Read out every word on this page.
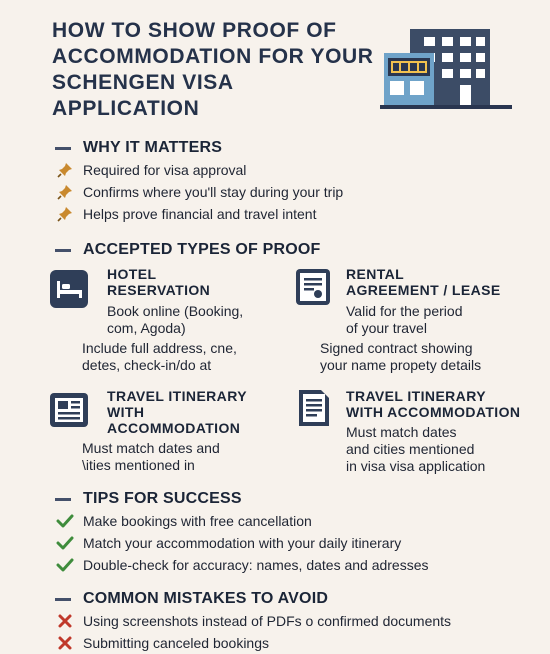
HOW TO SHOW PROOF OF ACCOMMODATION FOR YOUR SCHENGEN VISA APPLICATION
WHY IT MATTERS
Required for visa approval
Confirms where you'll stay during your trip
Helps prove financial and travel intent
ACCEPTED TYPES OF PROOF
HOTEL
RESERVATION
Book online (Booking,
com, Agoda)
Include full address, cne,
detes, check-in/do at
RENTAL
AGREEMENT / LEASE
Valid for the period
of your travel
Signed contract showing
your name propety details
TRAVEL ITINERARY
WITH
ACCOMMODATION
Must match dates and
\ities mentioned in
TRAVEL ITINERARY
WITH ACCOMMODATION
Must match dates
and cities mentioned
in visa visa application
TIPS FOR SUCCESS
Make bookings with free cancellation
Match your accommodation with your daily itinerary
Double-check for accuracy: names, dates and adresses
COMMON MISTAKES TO AVOID
Using screenshots instead of PDFs o confirmed documents
Submitting canceled bookings
